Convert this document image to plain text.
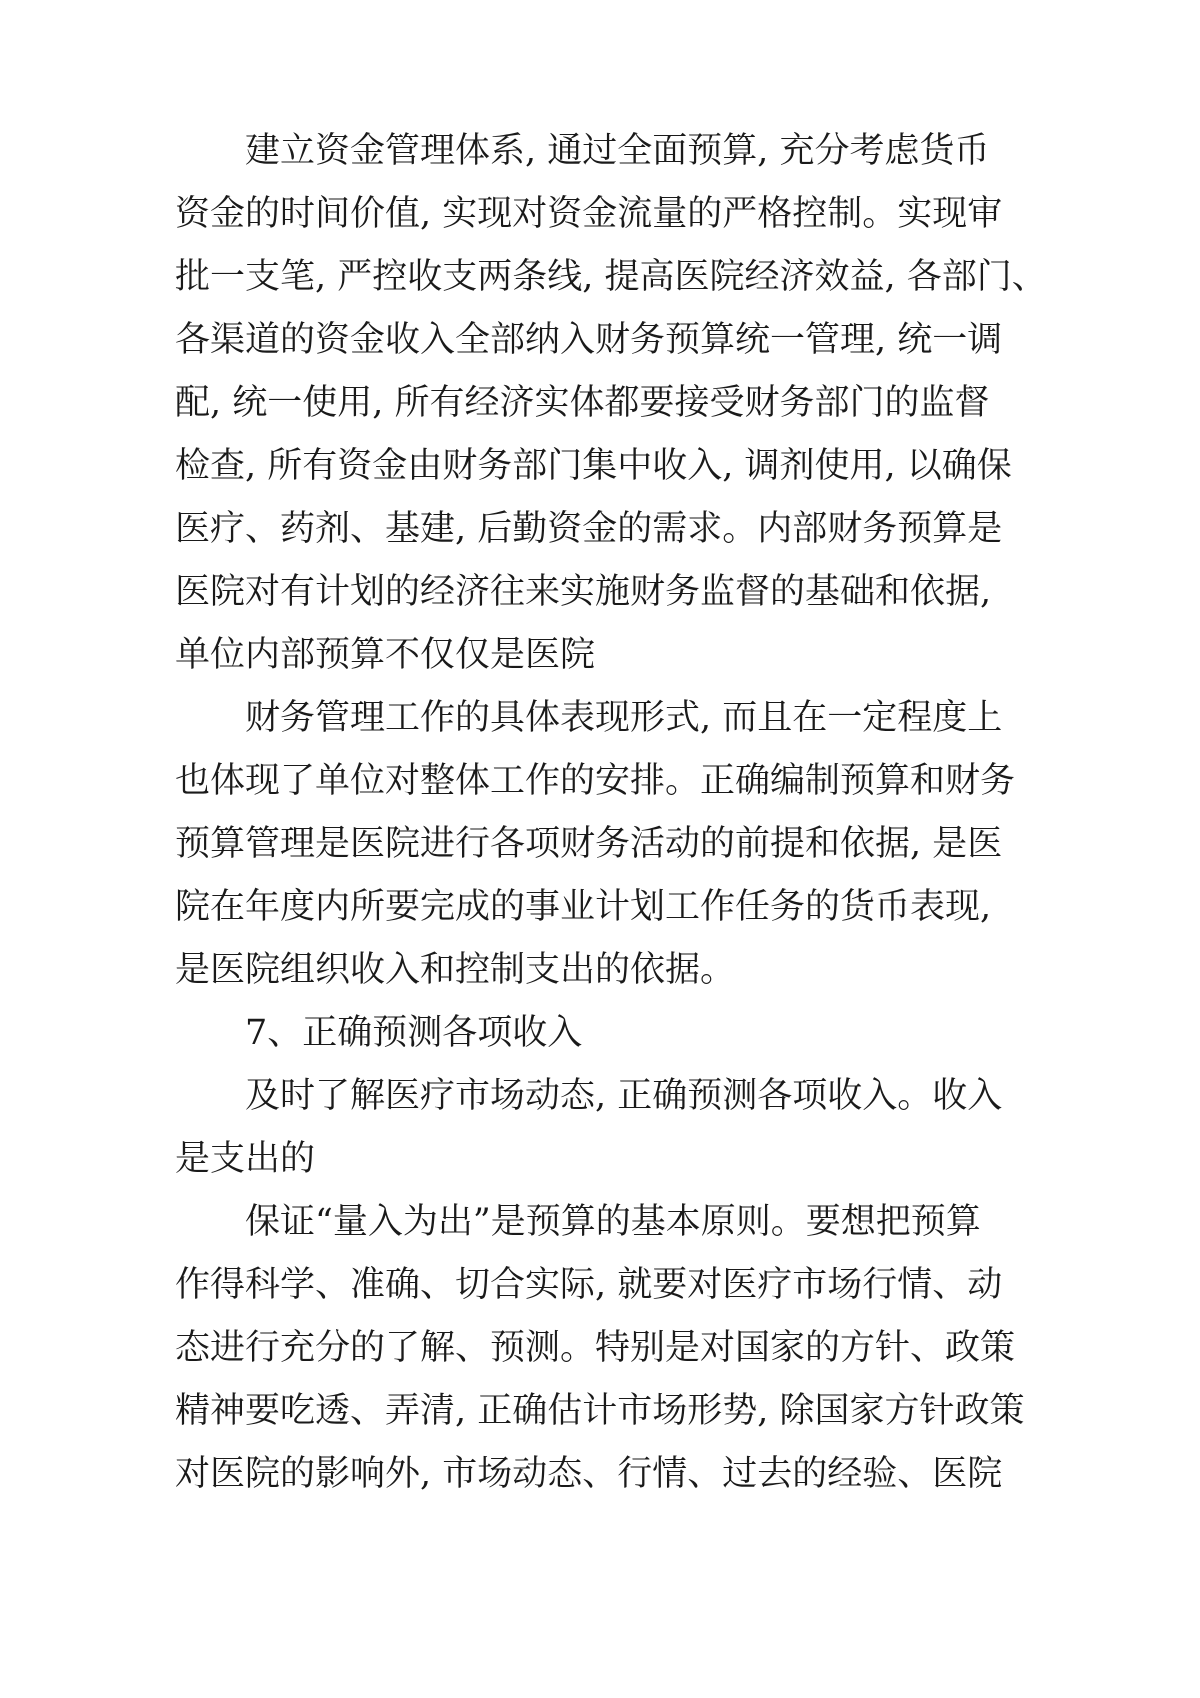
建立资金管理体系, 通过全面预算, 充分考虑货币
资金的时间价值, 实现对资金流量的严格控制。实现审
批一支笔, 严控收支两条线, 提高医院经济效益, 各部门、
各渠道的资金收入全部纳入财务预算统一管理, 统一调
配, 统一使用, 所有经济实体都要接受财务部门的监督
检查, 所有资金由财务部门集中收入, 调剂使用, 以确保
医疗、药剂、基建, 后勤资金的需求。内部财务预算是
医院对有计划的经济往来实施财务监督的基础和依据,
单位内部预算不仅仅是医院
财务管理工作的具体表现形式, 而且在一定程度上
也体现了单位对整体工作的安排。正确编制预算和财务
预算管理是医院进行各项财务活动的前提和依据, 是医
院在年度内所要完成的事业计划工作任务的货币表现,
是医院组织收入和控制支出的依据。
7、正确预测各项收入
及时了解医疗市场动态, 正确预测各项收入。收入
是支出的
保证“量入为出”是预算的基本原则。要想把预算
作得科学、准确、切合实际, 就要对医疗市场行情、动
态进行充分的了解、预测。特别是对国家的方针、政策
精神要吃透、弄清, 正确估计市场形势, 除国家方针政策
对医院的影响外, 市场动态、行情、过去的经验、医院
